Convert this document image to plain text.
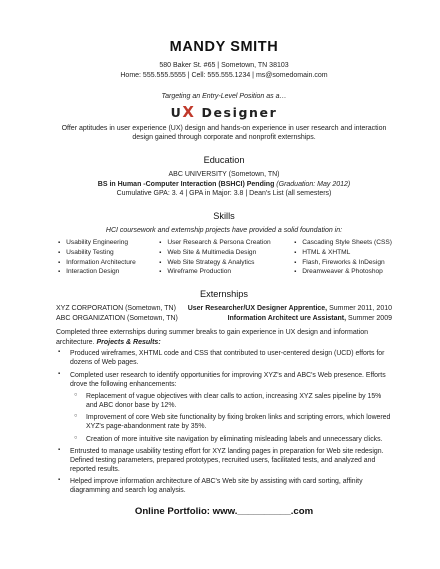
MANDY SMITH
580 Baker St. #65 | Sometown, TN 38103
Home: 555.555.5555 | Cell: 555.555.1234 | ms@somedomain.com
Targeting an Entry-Level Position as a…
UX Designer
Offer aptitudes in user experience (UX) design and hands-on experience in user research and interaction design gained through corporate and nonprofit externships.
Education
ABC UNIVERSITY (Sometown, TN)
BS in Human -Computer Interaction (BSHCI) Pending (Graduation: May 2012)
Cumulative GPA: 3. 4 | GPA in Major: 3.8 | Dean's List (all semesters)
Skills
HCI coursework and externship projects have provided a solid foundation in:
▪ Usability Engineering
▪ Usability Testing
▪ Information Architecture
▪ Interaction Design
▪ User Research & Persona Creation
▪ Web Site & Multimedia Design
▪ Web Site Strategy & Analytics
▪ Wireframe Production
▪ Cascading Style Sheets (CSS)
▪ HTML & XHTML
▪ Flash, Fireworks & InDesign
▪ Dreamweaver & Photoshop
Externships
XYZ CORPORATION (Sometown, TN) User Researcher/UX Designer Apprentice, Summer 2011, 2010
ABC ORGANIZATION (Sometown, TN)	Information Architect ure Assistant, Summer 2009
Completed three externships during summer breaks to gain experience in UX design and information architecture. Projects & Results:
▪ Produced wireframes, XHTML code and CSS that contributed to user-centered design (UCD) efforts for dozens of Web pages.
▪ Completed user research to identify opportunities for improving XYZ's and ABC's Web presence. Efforts drove the following enhancements:
○ Replacement of vague objectives with clear calls to action, increasing XYZ sales pipeline by 15% and ABC donor base by 12%.
○ Improvement of core Web site functionality by fixing broken links and scripting errors, which lowered XYZ's page-abandonment rate by 35%.
○ Creation of more intuitive site navigation by eliminating misleading labels and unnecessary clicks.
▪ Entrusted to manage usability testing effort for XYZ landing pages in preparation for Web site redesign. Defined testing parameters, prepared prototypes, recruited users, facilitated tests, and analyzed and reported results.
▪ Helped improve information architecture of ABC's Web site by assisting with card sorting, affinity diagramming and search log analysis.
Online Portfolio: www.__________.com
